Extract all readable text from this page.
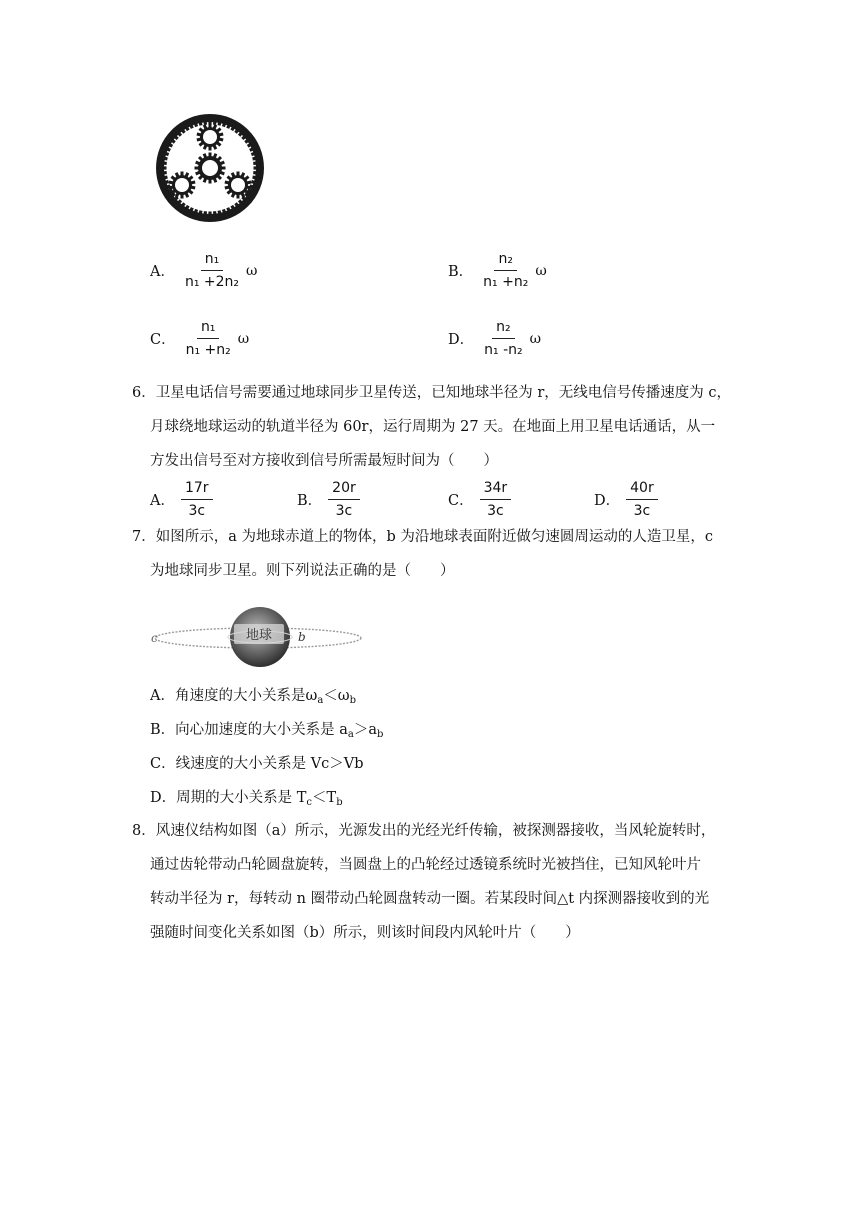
A． $\frac{\text{n₁}}{\text{n₁ +2n₂}}$ ω	B． $\frac{\text{n₂}}{\text{n₁ +n₂}}$ ω
C． $\frac{\text{n₁}}{\text{n₁ +n₂}}$ ω	D． $\frac{\text{n₂}}{\text{n₁ -n₂}}$ ω
6．卫星电话信号需要通过地球同步卫星传送，已知地球半径为 r，无线电信号传播速度为 c，
月球绕地球运动的轨道半径为 60r，运行周期为 27 天。在地面上用卫星电话通话，从一
方发出信号至对方接收到信号所需最短时间为（　　）
A． $\frac{17r}{3c}$	B． $\frac{20r}{3c}$	C． $\frac{34r}{3c}$	D． $\frac{40r}{3c}$
7．如图所示，a 为地球赤道上的物体，b 为沿地球表面附近做匀速圆周运动的人造卫星，c
为地球同步卫星。则下列说法正确的是（　　）
地球
c	b
A．角速度的大小关系是$\omega_a<\omega_b$
B．向心加速度的大小关系是 $a_a>a_b$
C．线速度的大小关系是 Vc＞Vb
D．周期的大小关系是 $T_c<T_b$
8．风速仪结构如图（a）所示，光源发出的光经光纤传输，被探测器接收，当风轮旋转时，
通过齿轮带动凸轮圆盘旋转，当圆盘上的凸轮经过透镜系统时光被挡住，已知风轮叶片
转动半径为 r，每转动 n 圈带动凸轮圆盘转动一圈。若某段时间△t 内探测器接收到的光
强随时间变化关系如图（b）所示，则该时间段内风轮叶片（　　）
